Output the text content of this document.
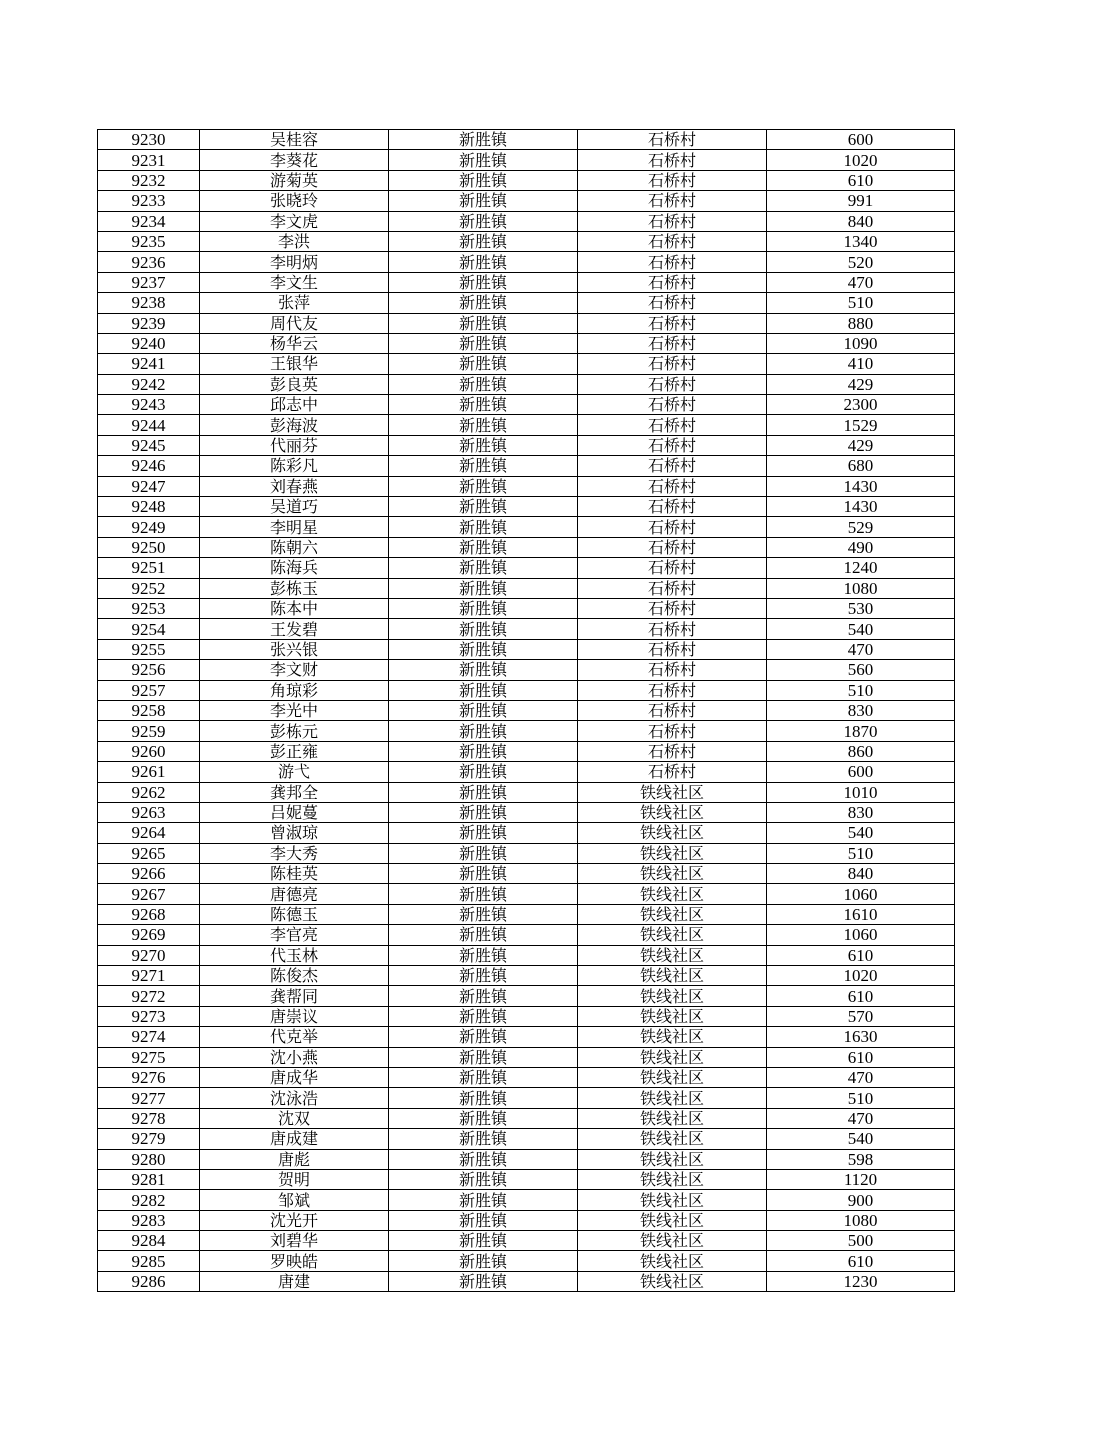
9230	吴桂容	新胜镇	石桥村	600
9231	李葵花	新胜镇	石桥村	1020
9232	游菊英	新胜镇	石桥村	610
9233	张晓玲	新胜镇	石桥村	991
9234	李文虎	新胜镇	石桥村	840
9235	李洪	新胜镇	石桥村	1340
9236	李明炳	新胜镇	石桥村	520
9237	李文生	新胜镇	石桥村	470
9238	张萍	新胜镇	石桥村	510
9239	周代友	新胜镇	石桥村	880
9240	杨华云	新胜镇	石桥村	1090
9241	王银华	新胜镇	石桥村	410
9242	彭良英	新胜镇	石桥村	429
9243	邱志中	新胜镇	石桥村	2300
9244	彭海波	新胜镇	石桥村	1529
9245	代丽芬	新胜镇	石桥村	429
9246	陈彩凡	新胜镇	石桥村	680
9247	刘春燕	新胜镇	石桥村	1430
9248	吴道巧	新胜镇	石桥村	1430
9249	李明星	新胜镇	石桥村	529
9250	陈朝六	新胜镇	石桥村	490
9251	陈海兵	新胜镇	石桥村	1240
9252	彭栋玉	新胜镇	石桥村	1080
9253	陈本中	新胜镇	石桥村	530
9254	王发碧	新胜镇	石桥村	540
9255	张兴银	新胜镇	石桥村	470
9256	李文财	新胜镇	石桥村	560
9257	角琼彩	新胜镇	石桥村	510
9258	李光中	新胜镇	石桥村	830
9259	彭栋元	新胜镇	石桥村	1870
9260	彭正雍	新胜镇	石桥村	860
9261	游弋	新胜镇	石桥村	600
9262	龚邦全	新胜镇	铁线社区	1010
9263	吕妮蔓	新胜镇	铁线社区	830
9264	曾淑琼	新胜镇	铁线社区	540
9265	李大秀	新胜镇	铁线社区	510
9266	陈桂英	新胜镇	铁线社区	840
9267	唐德亮	新胜镇	铁线社区	1060
9268	陈德玉	新胜镇	铁线社区	1610
9269	李官亮	新胜镇	铁线社区	1060
9270	代玉林	新胜镇	铁线社区	610
9271	陈俊杰	新胜镇	铁线社区	1020
9272	龚帮同	新胜镇	铁线社区	610
9273	唐崇议	新胜镇	铁线社区	570
9274	代克举	新胜镇	铁线社区	1630
9275	沈小燕	新胜镇	铁线社区	610
9276	唐成华	新胜镇	铁线社区	470
9277	沈泳浩	新胜镇	铁线社区	510
9278	沈双	新胜镇	铁线社区	470
9279	唐成建	新胜镇	铁线社区	540
9280	唐彪	新胜镇	铁线社区	598
9281	贺明	新胜镇	铁线社区	1120
9282	邹斌	新胜镇	铁线社区	900
9283	沈光开	新胜镇	铁线社区	1080
9284	刘碧华	新胜镇	铁线社区	500
9285	罗映皓	新胜镇	铁线社区	610
9286	唐建	新胜镇	铁线社区	1230
